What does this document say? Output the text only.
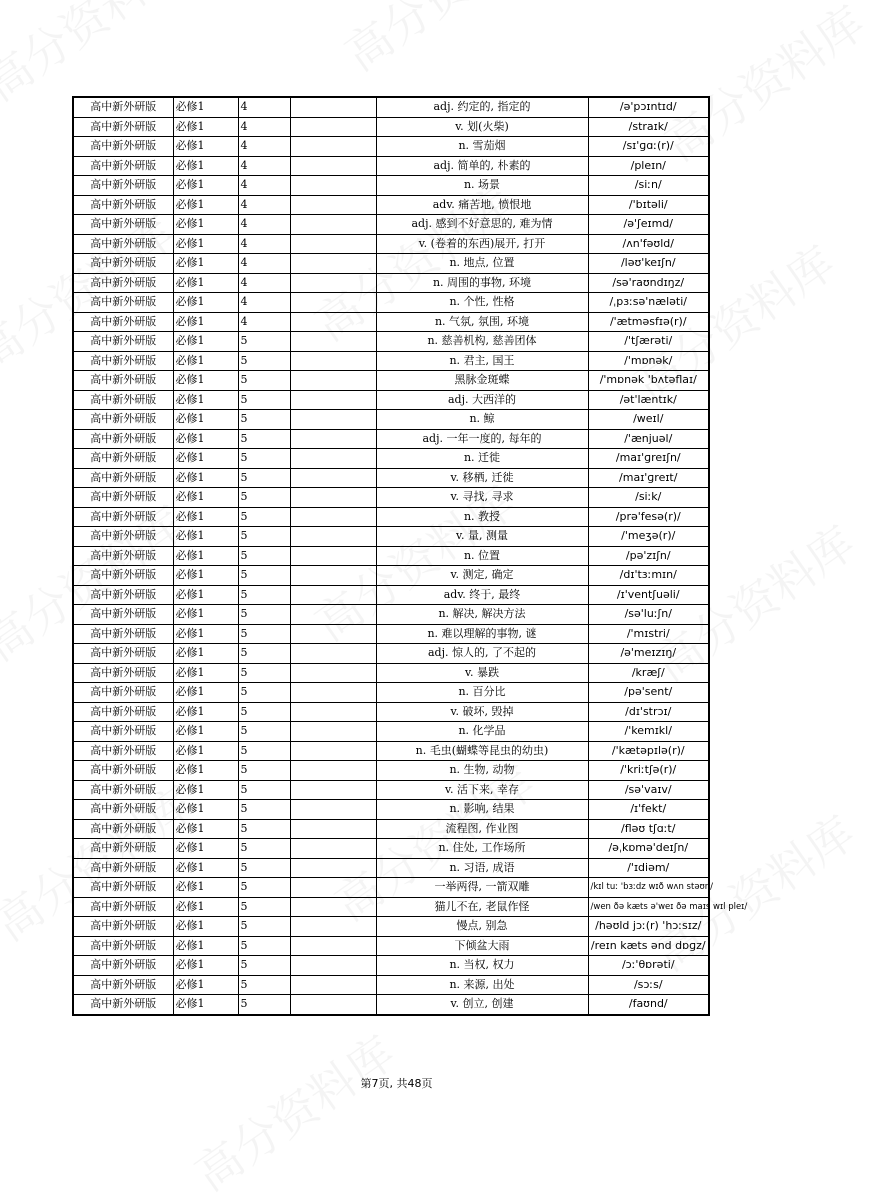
高中新外研版	必修1	4		adj. 约定的, 指定的	/ə'pɔɪntɪd/
高中新外研版	必修1	4		v. 划(火柴)	/straɪk/
高中新外研版	必修1	4		n. 雪茄烟	/sɪ'ɡɑː(r)/
高中新外研版	必修1	4		adj. 简单的, 朴素的	/pleɪn/
高中新外研版	必修1	4		n. 场景	/siːn/
高中新外研版	必修1	4		adv. 痛苦地, 愤恨地	/'bɪtəli/
高中新外研版	必修1	4		adj. 感到不好意思的, 难为情	/ə'ʃeɪmd/
高中新外研版	必修1	4		v. (卷着的东西)展开, 打开	/ʌn'fəʊld/
高中新外研版	必修1	4		n. 地点, 位置	/ləʊ'keɪʃn/
高中新外研版	必修1	4		n. 周围的事物, 环境	/sə'raʊndɪŋz/
高中新外研版	必修1	4		n. 个性, 性格	/ˌpɜːsə'næləti/
高中新外研版	必修1	4		n. 气氛, 氛围, 环境	/'ætməsfɪə(r)/
高中新外研版	必修1	5		n. 慈善机构, 慈善团体	/'tʃærəti/
高中新外研版	必修1	5		n. 君主, 国王	/'mɒnək/
高中新外研版	必修1	5		黑脉金斑蝶	/'mɒnək 'bʌtəflaɪ/
高中新外研版	必修1	5		adj. 大西洋的	/ət'læntɪk/
高中新外研版	必修1	5		n. 鲸	/weɪl/
高中新外研版	必修1	5		adj. 一年一度的, 每年的	/'ænjuəl/
高中新外研版	必修1	5		n. 迁徙	/maɪ'ɡreɪʃn/
高中新外研版	必修1	5		v. 移栖, 迁徙	/maɪ'ɡreɪt/
高中新外研版	必修1	5		v. 寻找, 寻求	/siːk/
高中新外研版	必修1	5		n. 教授	/prə'fesə(r)/
高中新外研版	必修1	5		v. 量, 测量	/'meʒə(r)/
高中新外研版	必修1	5		n. 位置	/pə'zɪʃn/
高中新外研版	必修1	5		v. 测定, 确定	/dɪ'tɜːmɪn/
高中新外研版	必修1	5		adv. 终于, 最终	/ɪ'ventʃuəli/
高中新外研版	必修1	5		n. 解决, 解决方法	/sə'luːʃn/
高中新外研版	必修1	5		n. 难以理解的事物, 谜	/'mɪstri/
高中新外研版	必修1	5		adj. 惊人的, 了不起的	/ə'meɪzɪŋ/
高中新外研版	必修1	5		v. 暴跌	/kræʃ/
高中新外研版	必修1	5		n. 百分比	/pə'sent/
高中新外研版	必修1	5		v. 破坏, 毁掉	/dɪ'strɔɪ/
高中新外研版	必修1	5		n. 化学品	/'kemɪkl/
高中新外研版	必修1	5		n. 毛虫(蝴蝶等昆虫的幼虫)	/'kætəpɪlə(r)/
高中新外研版	必修1	5		n. 生物, 动物	/'kriːtʃə(r)/
高中新外研版	必修1	5		v. 活下来, 幸存	/sə'vaɪv/
高中新外研版	必修1	5		n. 影响, 结果	/ɪ'fekt/
高中新外研版	必修1	5		流程图, 作业图	/fləʊ tʃɑːt/
高中新外研版	必修1	5		n. 住处, 工作场所	/əˌkɒmə'deɪʃn/
高中新外研版	必修1	5		n. 习语, 成语	/'ɪdiəm/
高中新外研版	必修1	5		一举两得, 一箭双雕	/kɪl tuː 'bɜːdz wɪð wʌn stəʊn/
高中新外研版	必修1	5		猫儿不在, 老鼠作怪	/wen ðə kæts ə'weɪ ðə maɪs wɪl pleɪ/
高中新外研版	必修1	5		慢点, 别急	/həʊld jɔː(r) 'hɔːsɪz/
高中新外研版	必修1	5		下倾盆大雨	/reɪn kæts ənd dɒɡz/
高中新外研版	必修1	5		n. 当权, 权力	/ɔː'θɒrəti/
高中新外研版	必修1	5		n. 来源, 出处	/sɔːs/
高中新外研版	必修1	5		v. 创立, 创建	/faʊnd/
第7页, 共48页
